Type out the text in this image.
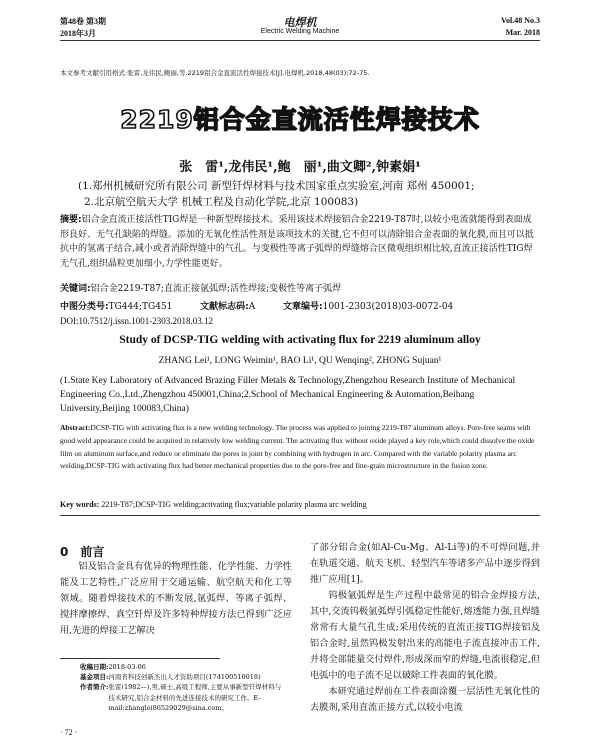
第48卷 第3期
2018年3月
电焊机
Electric Welding Machine
Vol.48 No.3
Mar. 2018
本文参考文献引用格式:张雷,龙伟民,鲍丽,等.2219铝合金直流活性焊接技术[J].电焊机,2018,48(03):72-75.
2219铝合金直流活性焊接技术
张　雷¹,龙伟民¹,鲍　丽¹,曲文卿²,钟素娟¹
(1.郑州机械研究所有限公司 新型钎焊材料与技术国家重点实验室,河南 郑州 450001;
2.北京航空航天大学 机械工程及自动化学院,北京 100083)
摘要:铝合金直流正接活性TIG焊是一种新型焊接技术。采用该技术焊接铝合金2219-T87时,以较小电流就能得到表面成形良好、无气孔缺陷的焊缝。添加的无氧化性活性剂是该项技术的关键,它不但可以清除铝合金表面的氧化膜,而且可以抵抗中的氢离子结合,减小或者消除焊缝中的气孔。与变极性等离子弧焊的焊缝熔合区微观组织相比较,直流正接活性TIG焊无气孔,组织晶粒更加细小,力学性能更好。
关键词:铝合金2219-T87;直流正接氩弧焊;活性焊接;变极性等离子弧焊
中图分类号:TG444;TG451	文献标志码:A	文章编号:1001-2303(2018)03-0072-04
DOI:10.7512/j.issn.1001-2303.2018.03.12
Study of DCSP-TIG welding with activating flux for 2219 aluminum alloy
ZHANG Lei¹, LONG Weimin¹, BAO Li¹, QU Wenqing², ZHONG Sujuan¹
(1.State Key Laboratory of Advanced Brazing Filler Metals & Technology,Zhengzhou Research Institute of Mechanical Engineering Co.,Ltd.,Zhengzhou 450001,China;2.School of Mechanical Engineering & Automation,Beihang University,Beijing 100083,China)
Abstract:DCSP-TIG with activating flux is a new welding technology. The process was applied to joining 2219-T87 aluminum alloys. Pore-free seams with good weld appearance could be acquired in relatively low welding current. The activating flux without oxide played a key role,which could dissolve the oxide film on aluminum surface,and reduce or eliminate the pores in joint by combining with hydrogen in arc. Compared with the variable polarity plasma arc welding,DCSP-TIG with activating flux had better mechanical properties due to the pore-free and fine-grain microstructure in the fusion zone.
Key words: 2219-T87;DCSP-TIG welding;activating flux;variable polarity plasma arc welding
0　前言

铝及铝合金具有优异的物理性能、化学性能、力学性能及工艺特性,广泛应用于交通运输、航空航天和化工等领域。随着焊接技术的不断发展,氩弧焊、等离子弧焊、搅拌摩擦焊、真空钎焊及许多特种焊接方法已得到广泛应用,先进的焊接工艺解决

了部分铝合金(如Al-Cu-Mg、Al-Li等)的不可焊问题,并在轨道交通、航天飞机、轻型汽车等诸多产品中逐步得到推广应用[1]。

钨极氩弧焊是生产过程中最常见的铝合金焊接方法,其中,交流钨极氩弧焊引弧稳定性能好,熔透能力强,且焊缝常常有大量气孔生成;采用传统的直流正接TIG焊接铝及铝合金时,虽然钨极发射出来的高能电子流直接冲击工件,并将全部能量交付焊件,形成深而窄的焊缝,电流很稳定,但电弧中的电子流不足以破除工件表面的氧化膜。

本研究通过焊前在工件表面涂覆一层活性无氧化性的去膜剂,采用直流正接方式,以较小电流

收稿日期: 2018-03-06
基金项目: 河南省科技创新杰出人才资助项目(174100510018)
作者简介: 张雷(1982—),男,硕士,高级工程师,主要从事新型钎焊材料与技术研究,铝合金材料的先进连接技术的研究工作。E-mail:zhanglei86529029@sina.com。
· 72 ·
